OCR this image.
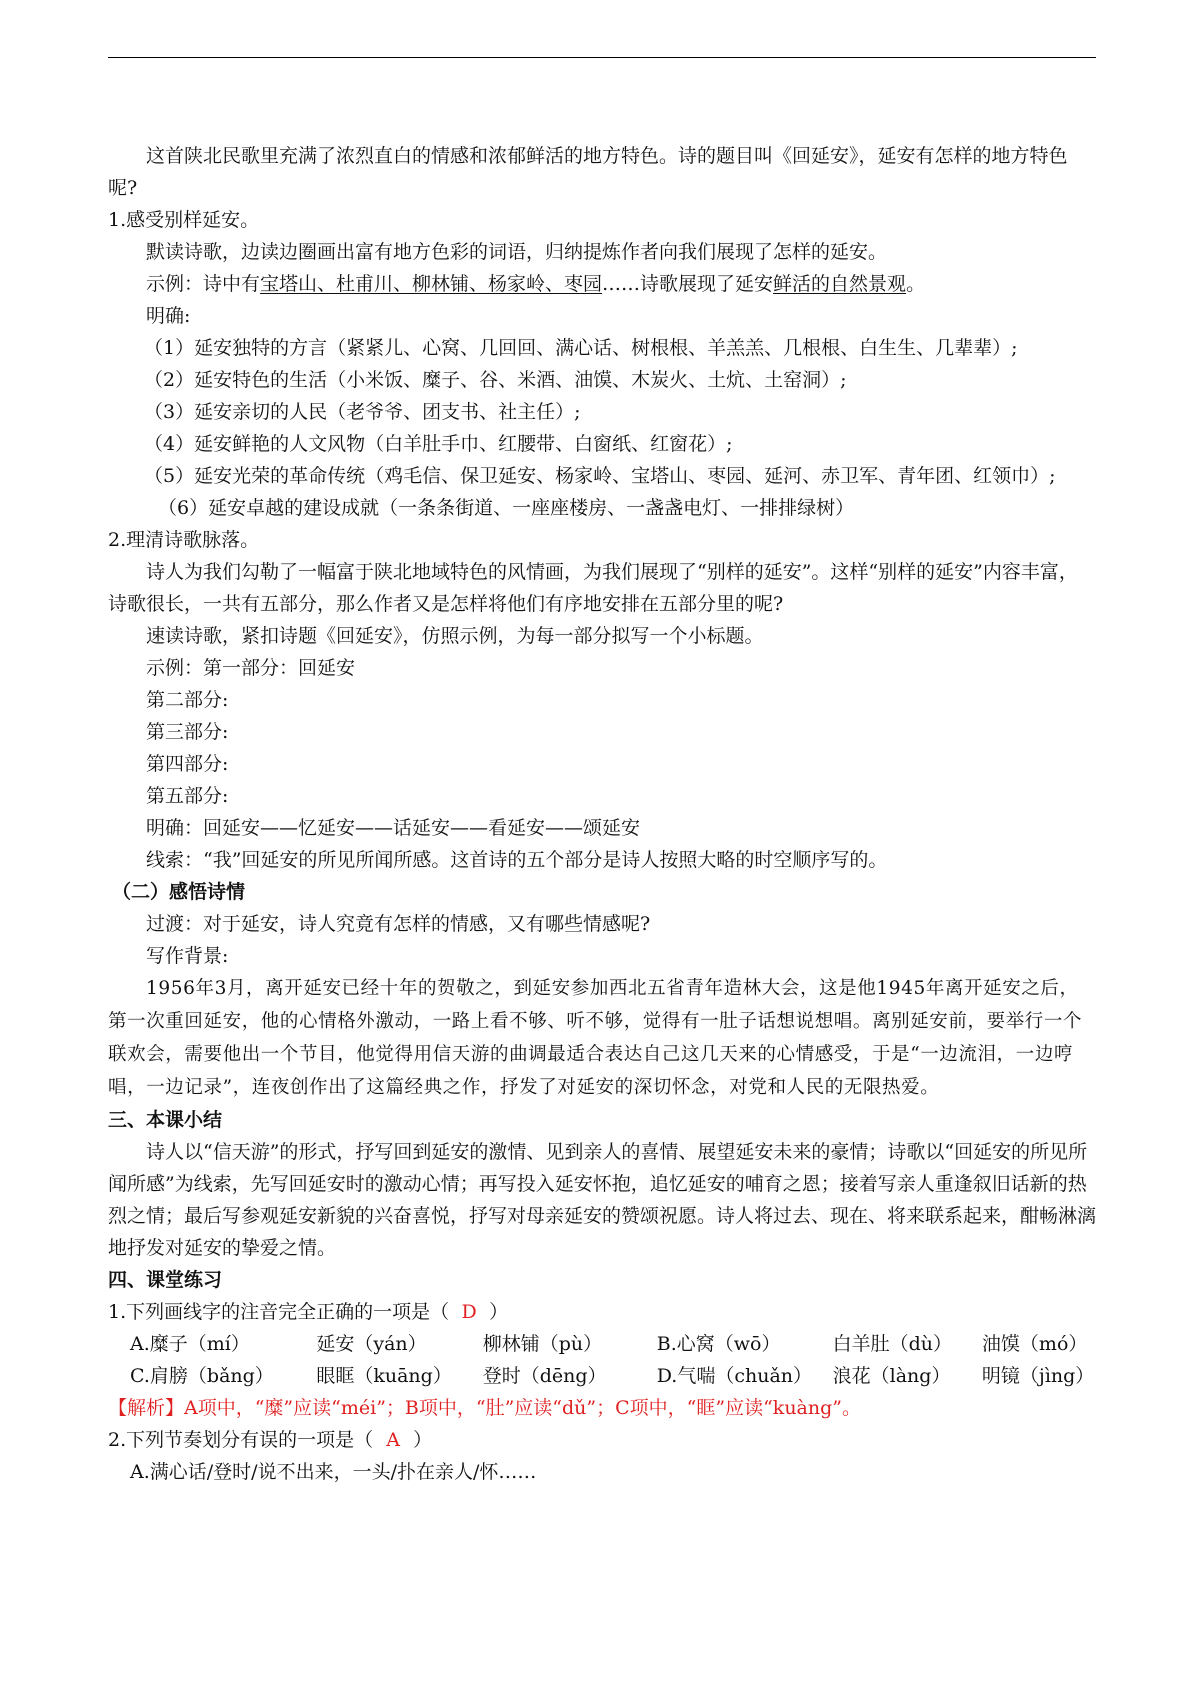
这首陕北民歌里充满了浓烈直白的情感和浓郁鲜活的地方特色。诗的题目叫《回延安》，延安有怎样的地方特色呢?

1.感受别样延安。

默读诗歌，边读边圈画出富有地方色彩的词语，归纳提炼作者向我们展现了怎样的延安。

示例：诗中有宝塔山、杜甫川、柳林铺、杨家岭、枣园……诗歌展现了延安鲜活的自然景观。

明确:

（1）延安独特的方言（紧紧儿、心窝、几回回、满心话、树根根、羊羔羔、几根根、白生生、几辈辈）;

（2）延安特色的生活（小米饭、糜子、谷、米酒、油馍、木炭火、土炕、土窑洞）;

（3）延安亲切的人民（老爷爷、团支书、社主任）;

（4）延安鲜艳的人文风物（白羊肚手巾、红腰带、白窗纸、红窗花）;

（5）延安光荣的革命传统（鸡毛信、保卫延安、杨家岭、宝塔山、枣园、延河、赤卫军、青年团、红领巾）;

（6）延安卓越的建设成就（一条条街道、一座座楼房、一盏盏电灯、一排排绿树）

2.理清诗歌脉落。

诗人为我们勾勒了一幅富于陕北地域特色的风情画，为我们展现了“别样的延安”。这样“别样的延安”内容丰富，诗歌很长，一共有五部分，那么作者又是怎样将他们有序地安排在五部分里的呢?

速读诗歌，紧扣诗题《回延安》，仿照示例，为每一部分拟写一个小标题。

示例：第一部分：回延安

第二部分:

第三部分:

第四部分:

第五部分:

明确：回延安——忆延安——话延安——看延安——颂延安

线索：“我”回延安的所见所闻所感。这首诗的五个部分是诗人按照大略的时空顺序写的。

（二）感悟诗情

过渡：对于延安，诗人究竟有怎样的情感，又有哪些情感呢?

写作背景:

1956年3月，离开延安已经十年的贺敬之，到延安参加西北五省青年造林大会，这是他1945年离开延安之后，第一次重回延安，他的心情格外激动，一路上看不够、听不够，觉得有一肚子话想说想唱。离别延安前，要举行一个联欢会，需要他出一个节目，他觉得用信天游的曲调最适合表达自己这几天来的心情感受，于是“一边流泪，一边哼唱，一边记录”，连夜创作出了这篇经典之作，抒发了对延安的深切怀念，对党和人民的无限热爱。

三、本课小结

诗人以“信天游”的形式，抒写回到延安的激情、见到亲人的喜情、展望延安未来的豪情；诗歌以“回延安的所见所闻所感”为线索，先写回延安时的激动心情；再写投入延安怀抱，追忆延安的哺育之恩；接着写亲人重逢叙旧话新的热烈之情；最后写参观延安新貌的兴奋喜悦，抒写对母亲延安的赞颂祝愿。诗人将过去、现在、将来联系起来，酣畅淋漓地抒发对延安的挚爱之情。

四、课堂练习

1.下列画线字的注音完全正确的一项是（ D ）

A.糜子（mí）	延安（yán）	柳林铺（pù）	B.心窝（wō）	白羊肚（dù）	油馍（mó）

C.肩膀（bǎng）	眼眶（kuāng）	登时（dēng）	D.气喘（chuǎn）	浪花（làng）	明镜（jìng）

【解析】A项中，“糜”应读“méi”；B项中，“肚”应读“dǔ”；C项中，“眶”应读“kuàng”。

2.下列节奏划分有误的一项是（ A ）

A.满心话/登时/说不出来，一头/扑在亲人/怀……
